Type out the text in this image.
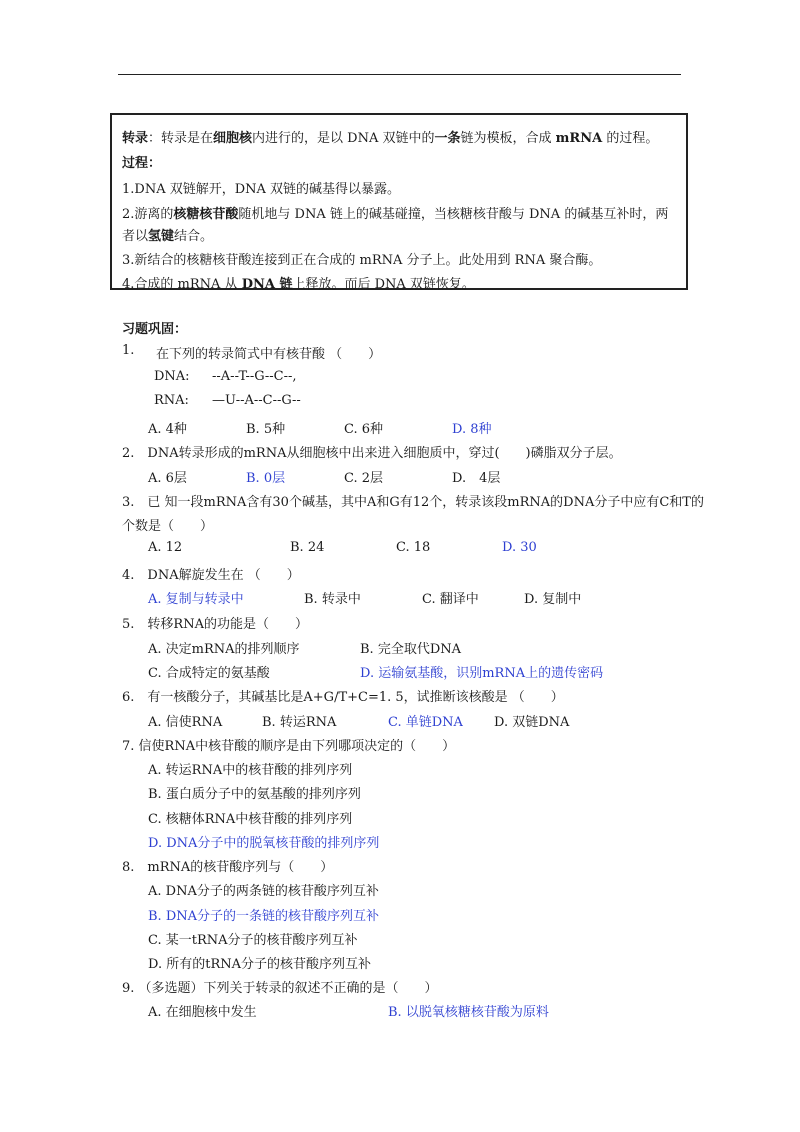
转录：转录是在细胞核内进行的，是以 DNA 双链中的一条链为模板，合成 mRNA 的过程。
过程：
1.DNA 双链解开，DNA 双链的碱基得以暴露。
2.游离的核糖核苷酸随机地与 DNA 链上的碱基碰撞，当核糖核苷酸与 DNA 的碱基互补时，两
者以氢键结合。
3.新结合的核糖核苷酸连接到正在合成的 mRNA 分子上。此处用到 RNA 聚合酶。
4.合成的 mRNA 从 DNA 链上释放。而后 DNA 双链恢复。
习题巩固：
1. 在下列的转录简式中有核苷酸 （　　）
DNA: --A--T--G--C--,
RNA: —U--A--C--G--
A. 4种	B. 5种	C. 6种	D. 8种
2.　DNA转录形成的mRNA从细胞核中出来进入细胞质中，穿过(　　)磷脂双分子层。
A. 6层	B. 0层	C. 2层	D.　4层
3.　已 知一段mRNA含有30个碱基，其中A和G有12个，转录该段mRNA的DNA分子中应有C和T的
个数是（　　）
A. 12	B. 24	C. 18	D. 30
4.　DNA解旋发生在 （　　）
A. 复制与转录中	B. 转录中	C. 翻译中	D. 复制中
5.　转移RNA的功能是（　　）
A. 决定mRNA的排列顺序	B. 完全取代DNA
C. 合成特定的氨基酸	D. 运输氨基酸，识别mRNA上的遗传密码
6.　有一核酸分子，其碱基比是A+G/T+C=1. 5，试推断该核酸是 （　　）
A. 信使RNA	B. 转运RNA	C. 单链DNA D. 双链DNA
7. 信使RNA中核苷酸的顺序是由下列哪项决定的（　　）
A. 转运RNA中的核苷酸的排列序列
B. 蛋白质分子中的氨基酸的排列序列
C. 核糖体RNA中核苷酸的排列序列
D. DNA分子中的脱氧核苷酸的排列序列
8.　mRNA的核苷酸序列与（　　）
A. DNA分子的两条链的核苷酸序列互补
B. DNA分子的一条链的核苷酸序列互补
C. 某一tRNA分子的核苷酸序列互补
D. 所有的tRNA分子的核苷酸序列互补
9. （多选题）下列关于转录的叙述不正确的是（　　）
A. 在细胞核中发生	B. 以脱氧核糖核苷酸为原料
